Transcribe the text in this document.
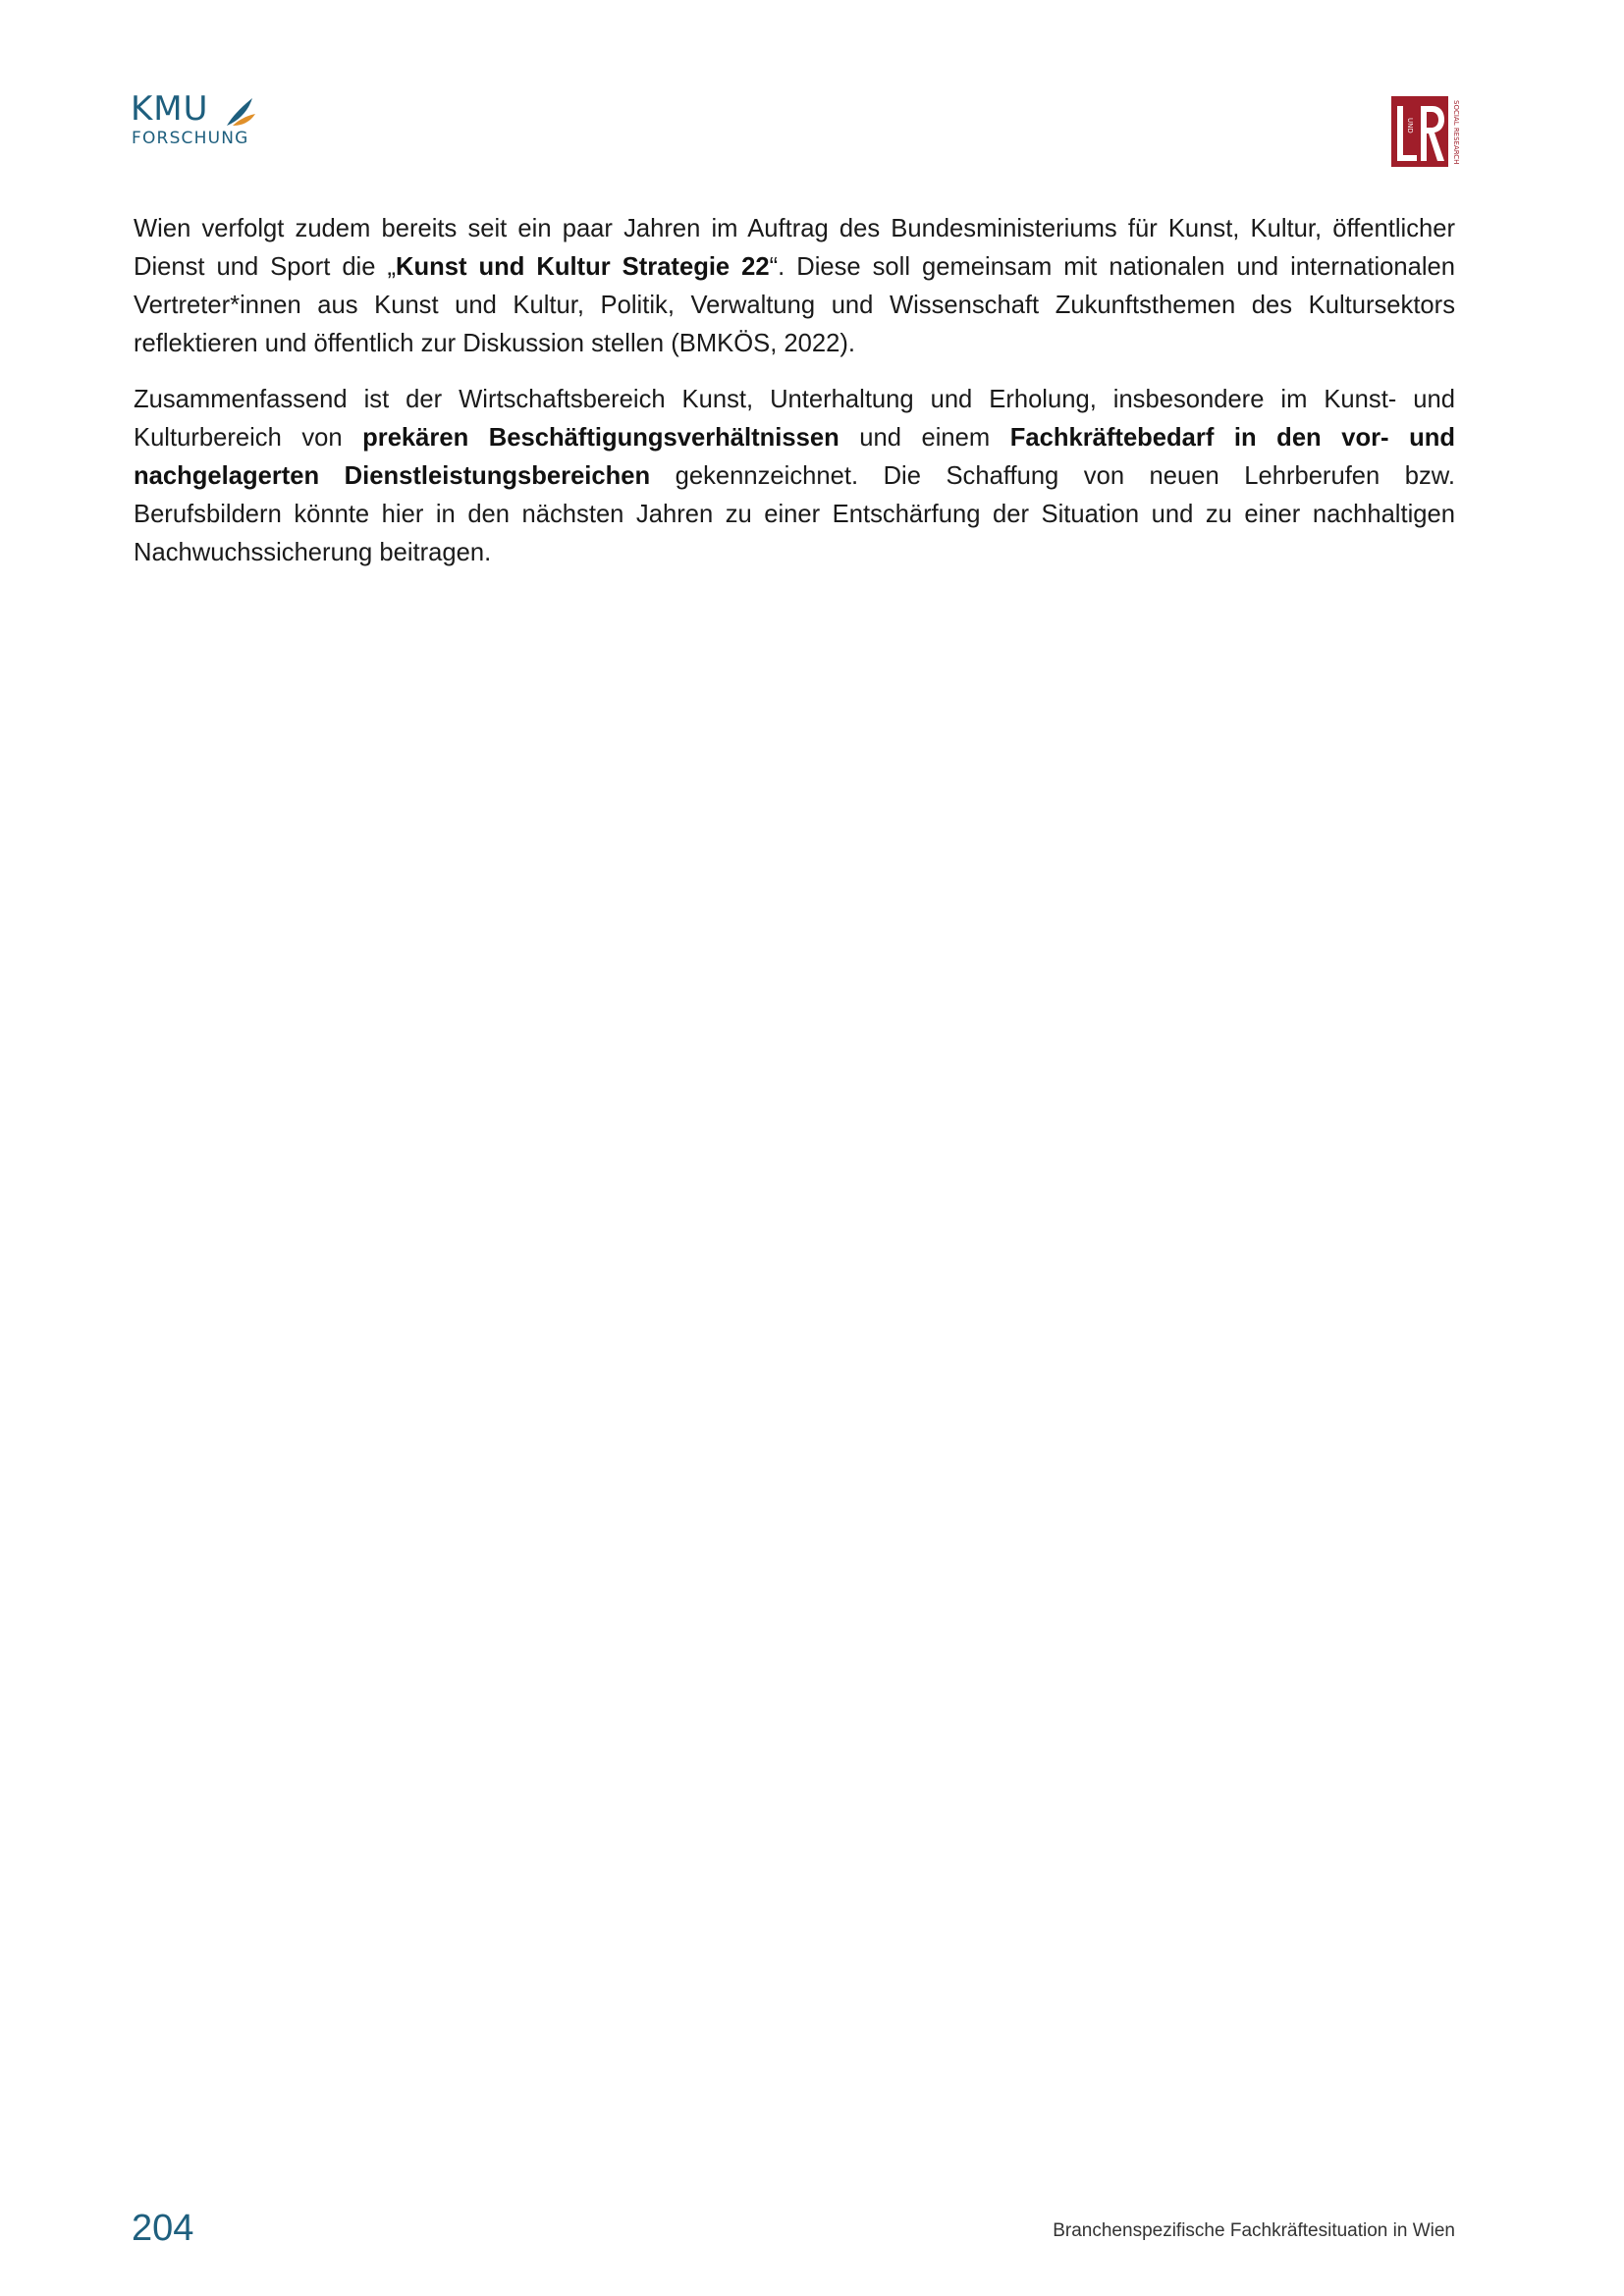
KMU
FORSCHUNG
UND	SOCIAL RESEARCH

Wien verfolgt zudem bereits seit ein paar Jahren im Auftrag des Bundesministeriums für Kunst, Kultur, öffentlicher Dienst und Sport die „Kunst und Kultur Strategie 22“. Diese soll gemeinsam mit nationalen und internationalen Vertreter*innen aus Kunst und Kultur, Politik, Verwaltung und Wissenschaft Zukunftsthemen des Kultursektors reflektieren und öffentlich zur Diskussion stellen (BMKÖS, 2022).

Zusammenfassend ist der Wirtschaftsbereich Kunst, Unterhaltung und Erholung, insbesondere im Kunst- und Kulturbereich von prekären Beschäftigungsverhältnissen und einem Fachkräftebedarf in den vor- und nachgelagerten Dienstleistungsbereichen gekennzeichnet. Die Schaffung von neuen Lehrberufen bzw. Berufsbildern könnte hier in den nächsten Jahren zu einer Entschärfung der Situation und zu einer nachhaltigen Nachwuchssicherung beitragen.

204	Branchenspezifische Fachkräftesituation in Wien
